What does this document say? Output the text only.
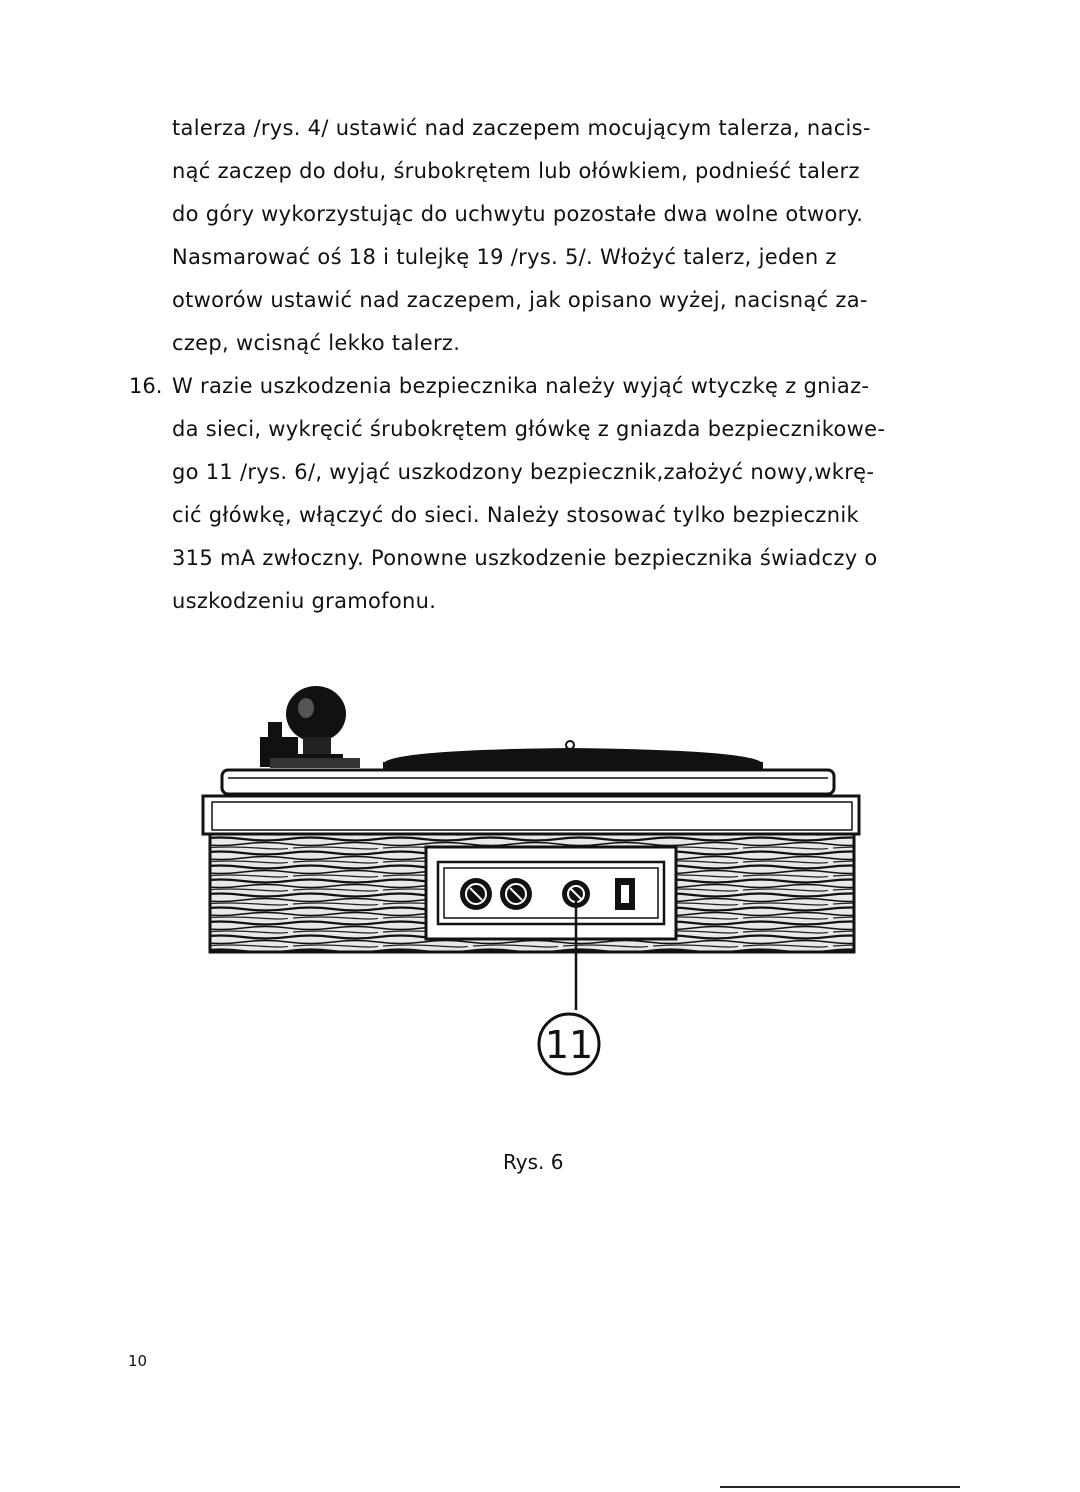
talerza /rys. 4/ ustawić nad zaczepem mocującym talerza, nacis-
nąć zaczep do dołu, śrubokrętem lub ołówkiem, podnieść talerz
do góry wykorzystując do uchwytu pozostałe dwa wolne otwory.
Nasmarować oś 18 i tulejkę 19 /rys. 5/. Włożyć talerz, jeden z
otworów ustawić nad zaczepem, jak opisano wyżej, nacisnąć za-
czep, wcisnąć lekko talerz.
16. W razie uszkodzenia bezpiecznika należy wyjąć wtyczkę z gniaz-
da sieci, wykręcić śrubokrętem główkę z gniazda bezpiecznikowe-
go 11 /rys. 6/, wyjąć uszkodzony bezpiecznik,założyć nowy,wkrę-
cić główkę, włączyć do sieci. Należy stosować tylko bezpiecznik
315 mA zwłoczny. Ponowne uszkodzenie bezpiecznika świadczy o
uszkodzeniu gramofonu.
11
Rys. 6
10
